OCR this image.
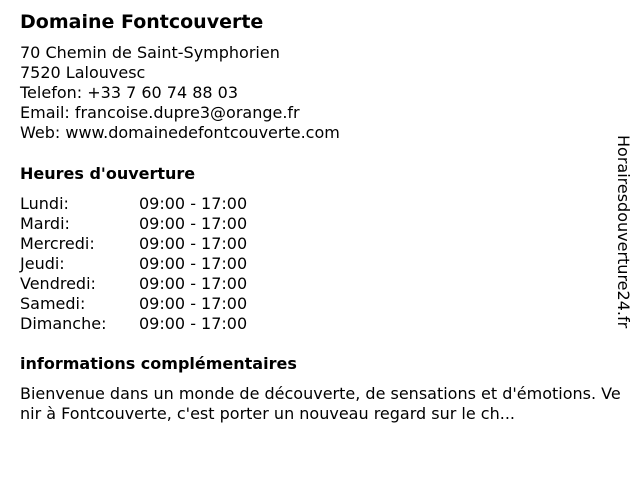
Domaine Fontcouverte
70 Chemin de Saint-Symphorien
7520 Lalouvesc
Telefon: +33 7 60 74 88 03
Email: francoise.dupre3@orange.fr
Web: www.domainedefontcouverte.com
Heures d'ouverture
Lundi:	09:00 - 17:00
Mardi:	09:00 - 17:00
Mercredi:	09:00 - 17:00
Jeudi:	09:00 - 17:00
Vendredi:	09:00 - 17:00
Samedi:	09:00 - 17:00
Dimanche: 09:00 - 17:00
informations complémentaires
Bienvenue dans un monde de découverte, de sensations et d'émotions. Venir à Fontcouverte, c'est porter un nouveau regard sur le ch...
Horairesdouverture24.fr
